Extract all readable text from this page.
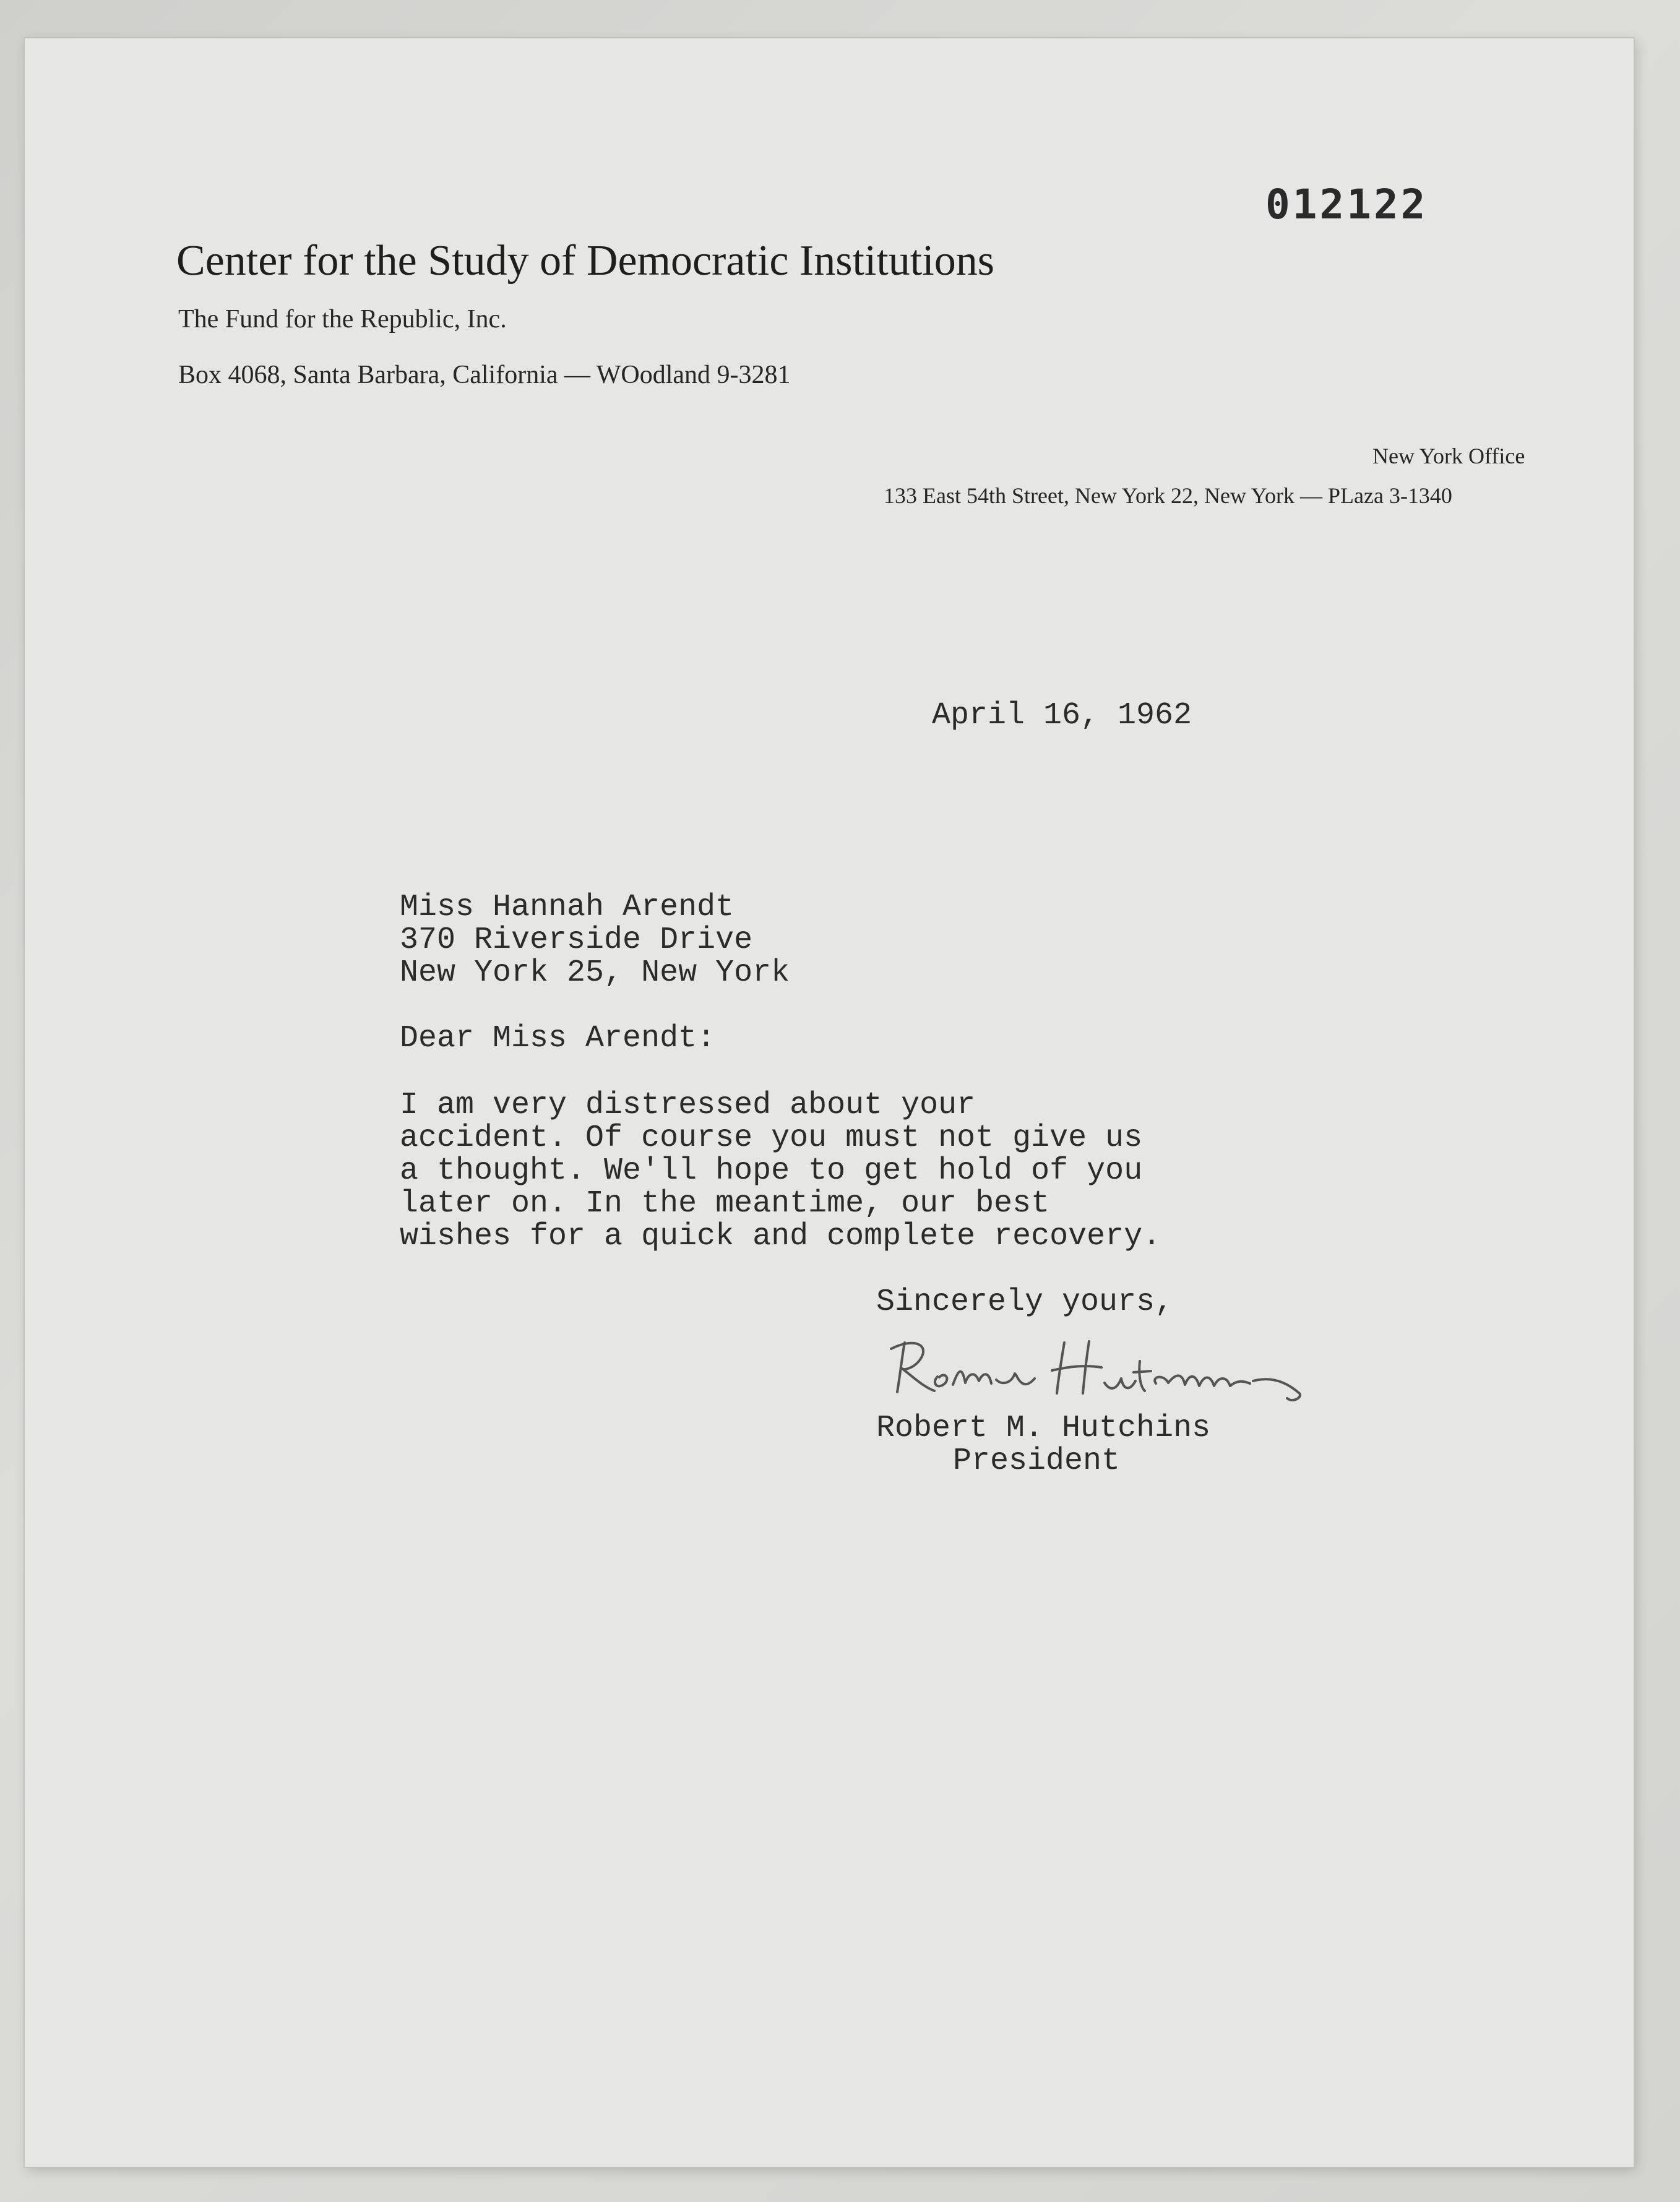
012122

Center for the Study of Democratic Institutions

The Fund for the Republic, Inc.

Box 4068, Santa Barbara, California — WOodland 9-3281

New York Office

133 East 54th Street, New York 22, New York — PLaza 3-1340

April 16, 1962

Miss Hannah Arendt

370 Riverside Drive

New York 25, New York

Dear Miss Arendt:

I am very distressed about your
accident. Of course you must not give us
a thought. We'll hope to get hold of you
later on. In the meantime, our best
wishes for a quick and complete recovery.

Sincerely yours,

Robert M. Hutchins

President
